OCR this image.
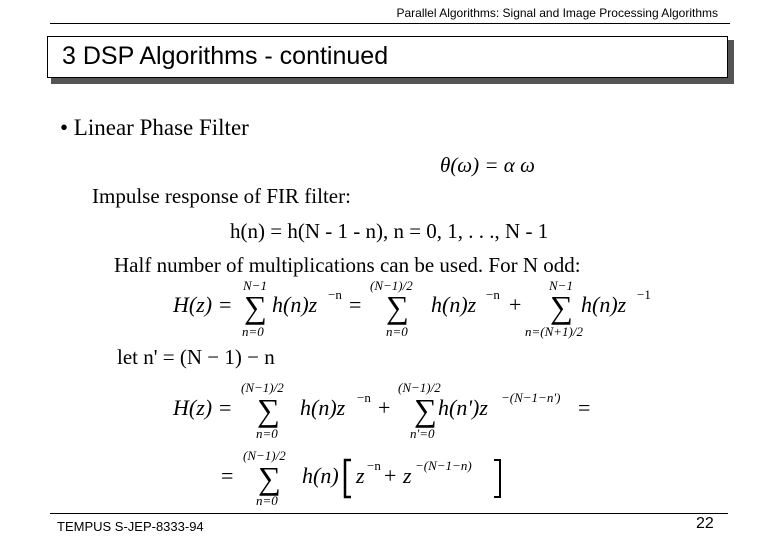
Parallel Algorithms: Signal and Image Processing Algorithms
3 DSP Algorithms - continued
• Linear Phase Filter
θ(ω) = α ω
Impulse response of FIR filter:
h(n) = h(N - 1 - n), n = 0, 1, . . ., N - 1
Half number of multiplications can be used. For N odd:
H(z) =
N−1
∑
n=0
h(n)z −n =
(N−1)/2
∑
n=0
h(n)z −n +
N−1
∑
n=(N+1)/2
h(n)z −1
let n' = (N − 1) − n
H(z) =
(N−1)/2
∑
n=0
h(n)z −n +
(N−1)/2
∑
n'=0
h(n')z −(N−1−n') =
=
(N−1)/2
∑
n=0
h(n) z −n + z −(N−1−n)
TEMPUS S-JEP-8333-94	22
